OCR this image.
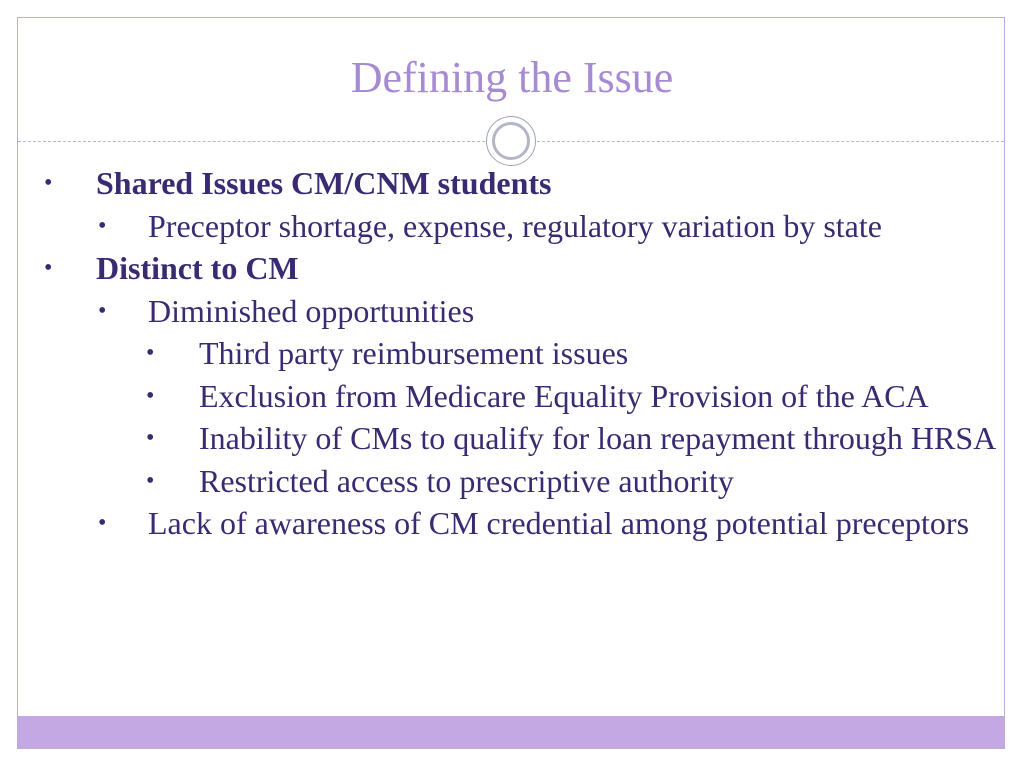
Defining the Issue
• Shared Issues CM/CNM students
• Preceptor shortage, expense, regulatory variation by state
• Distinct to CM
• Diminished opportunities
• Third party reimbursement issues
• Exclusion from Medicare Equality Provision of the ACA
• Inability of CMs to qualify for loan repayment through HRSA
• Restricted access to prescriptive authority
• Lack of awareness of CM credential among potential preceptors
